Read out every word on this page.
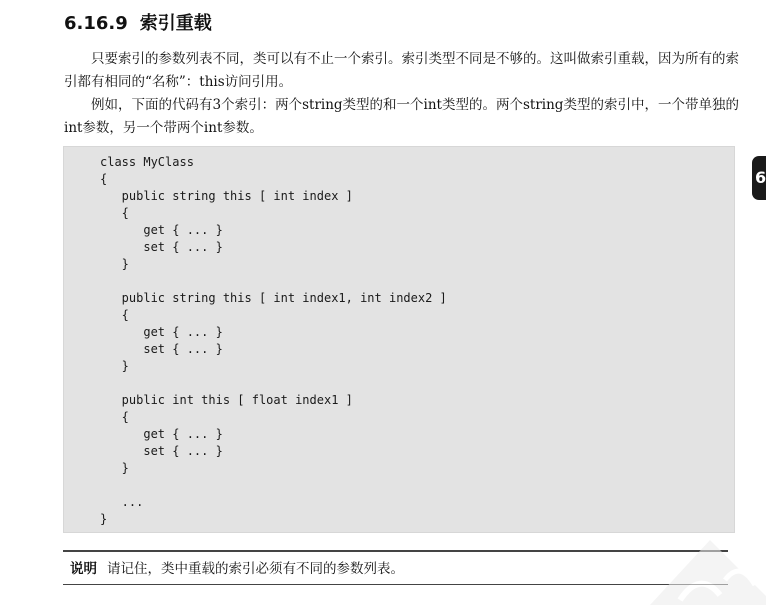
6.16.9 索引重载
只要索引的参数列表不同，类可以有不止一个索引。索引类型不同是不够的。这叫做索引重载，因为所有的索引都有相同的“名称”：this访问引用。
例如，下面的代码有3个索引：两个string类型的和一个int类型的。两个string类型的索引中，一个带单独的int参数，另一个带两个int参数。
class MyClass
{
public string this [ int index ]
{
get { ... }
set { ... }
}
public string this [ int index1, int index2 ]
{
get { ... }
set { ... }
}
public int this [ float index1 ]
{
get { ... }
set { ... }
}
...
}
6
说明 请记住，类中重载的索引必须有不同的参数列表。
